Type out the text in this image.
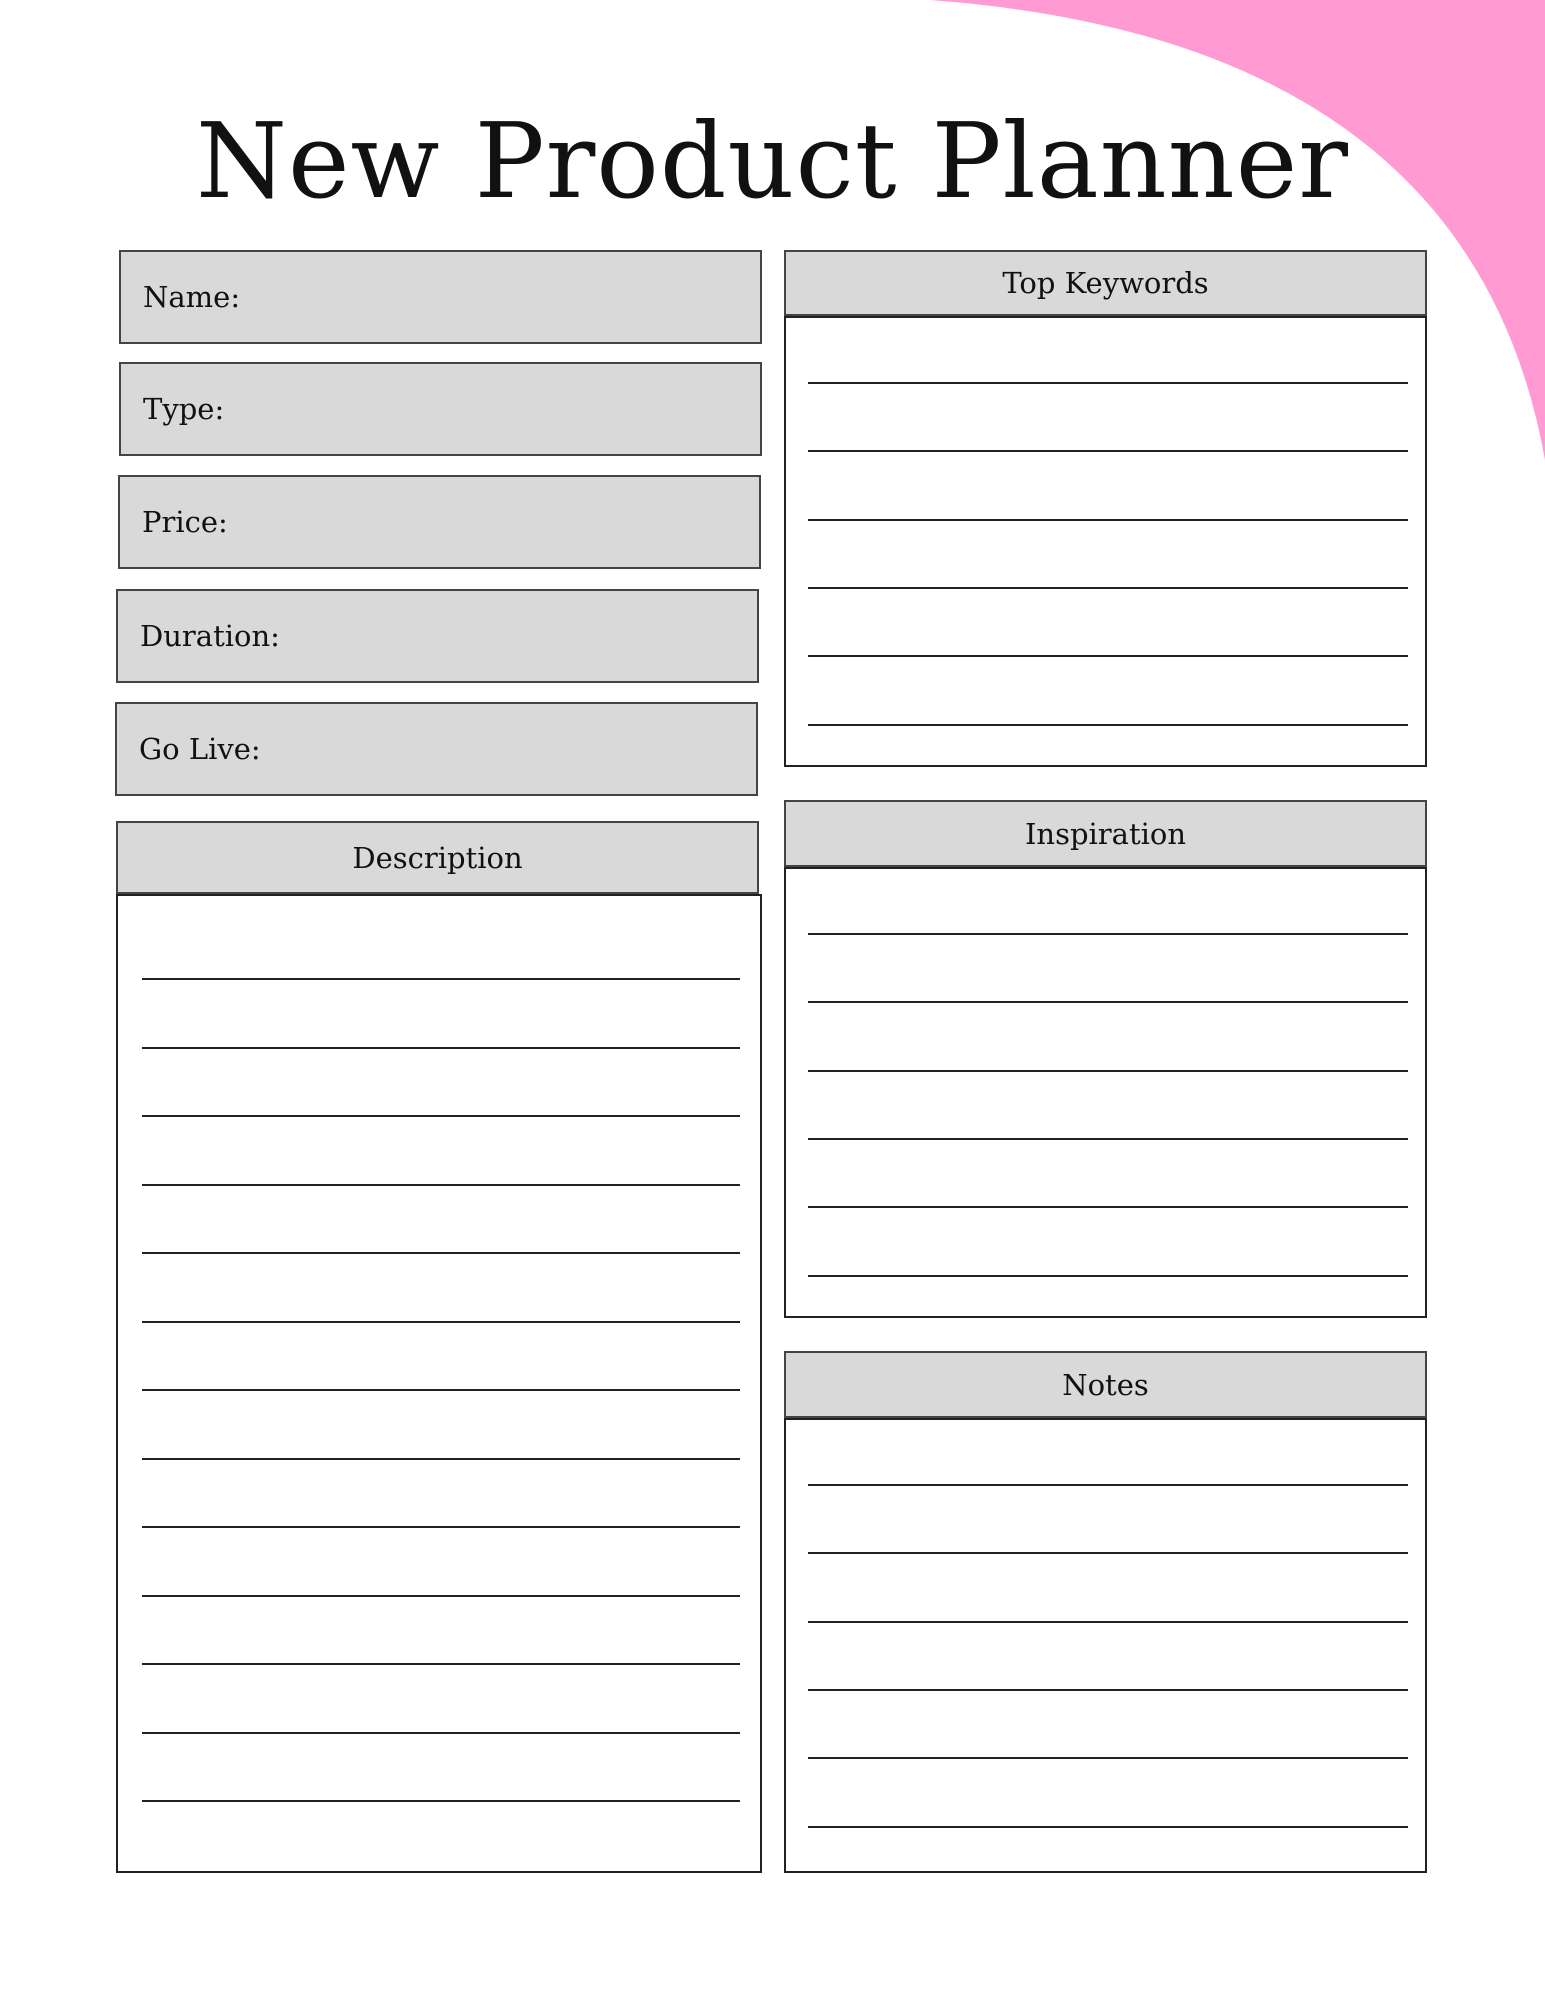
New Product Planner
Name:
Type:
Price:
Duration:
Go Live:
Description
Top Keywords
Inspiration
Notes
